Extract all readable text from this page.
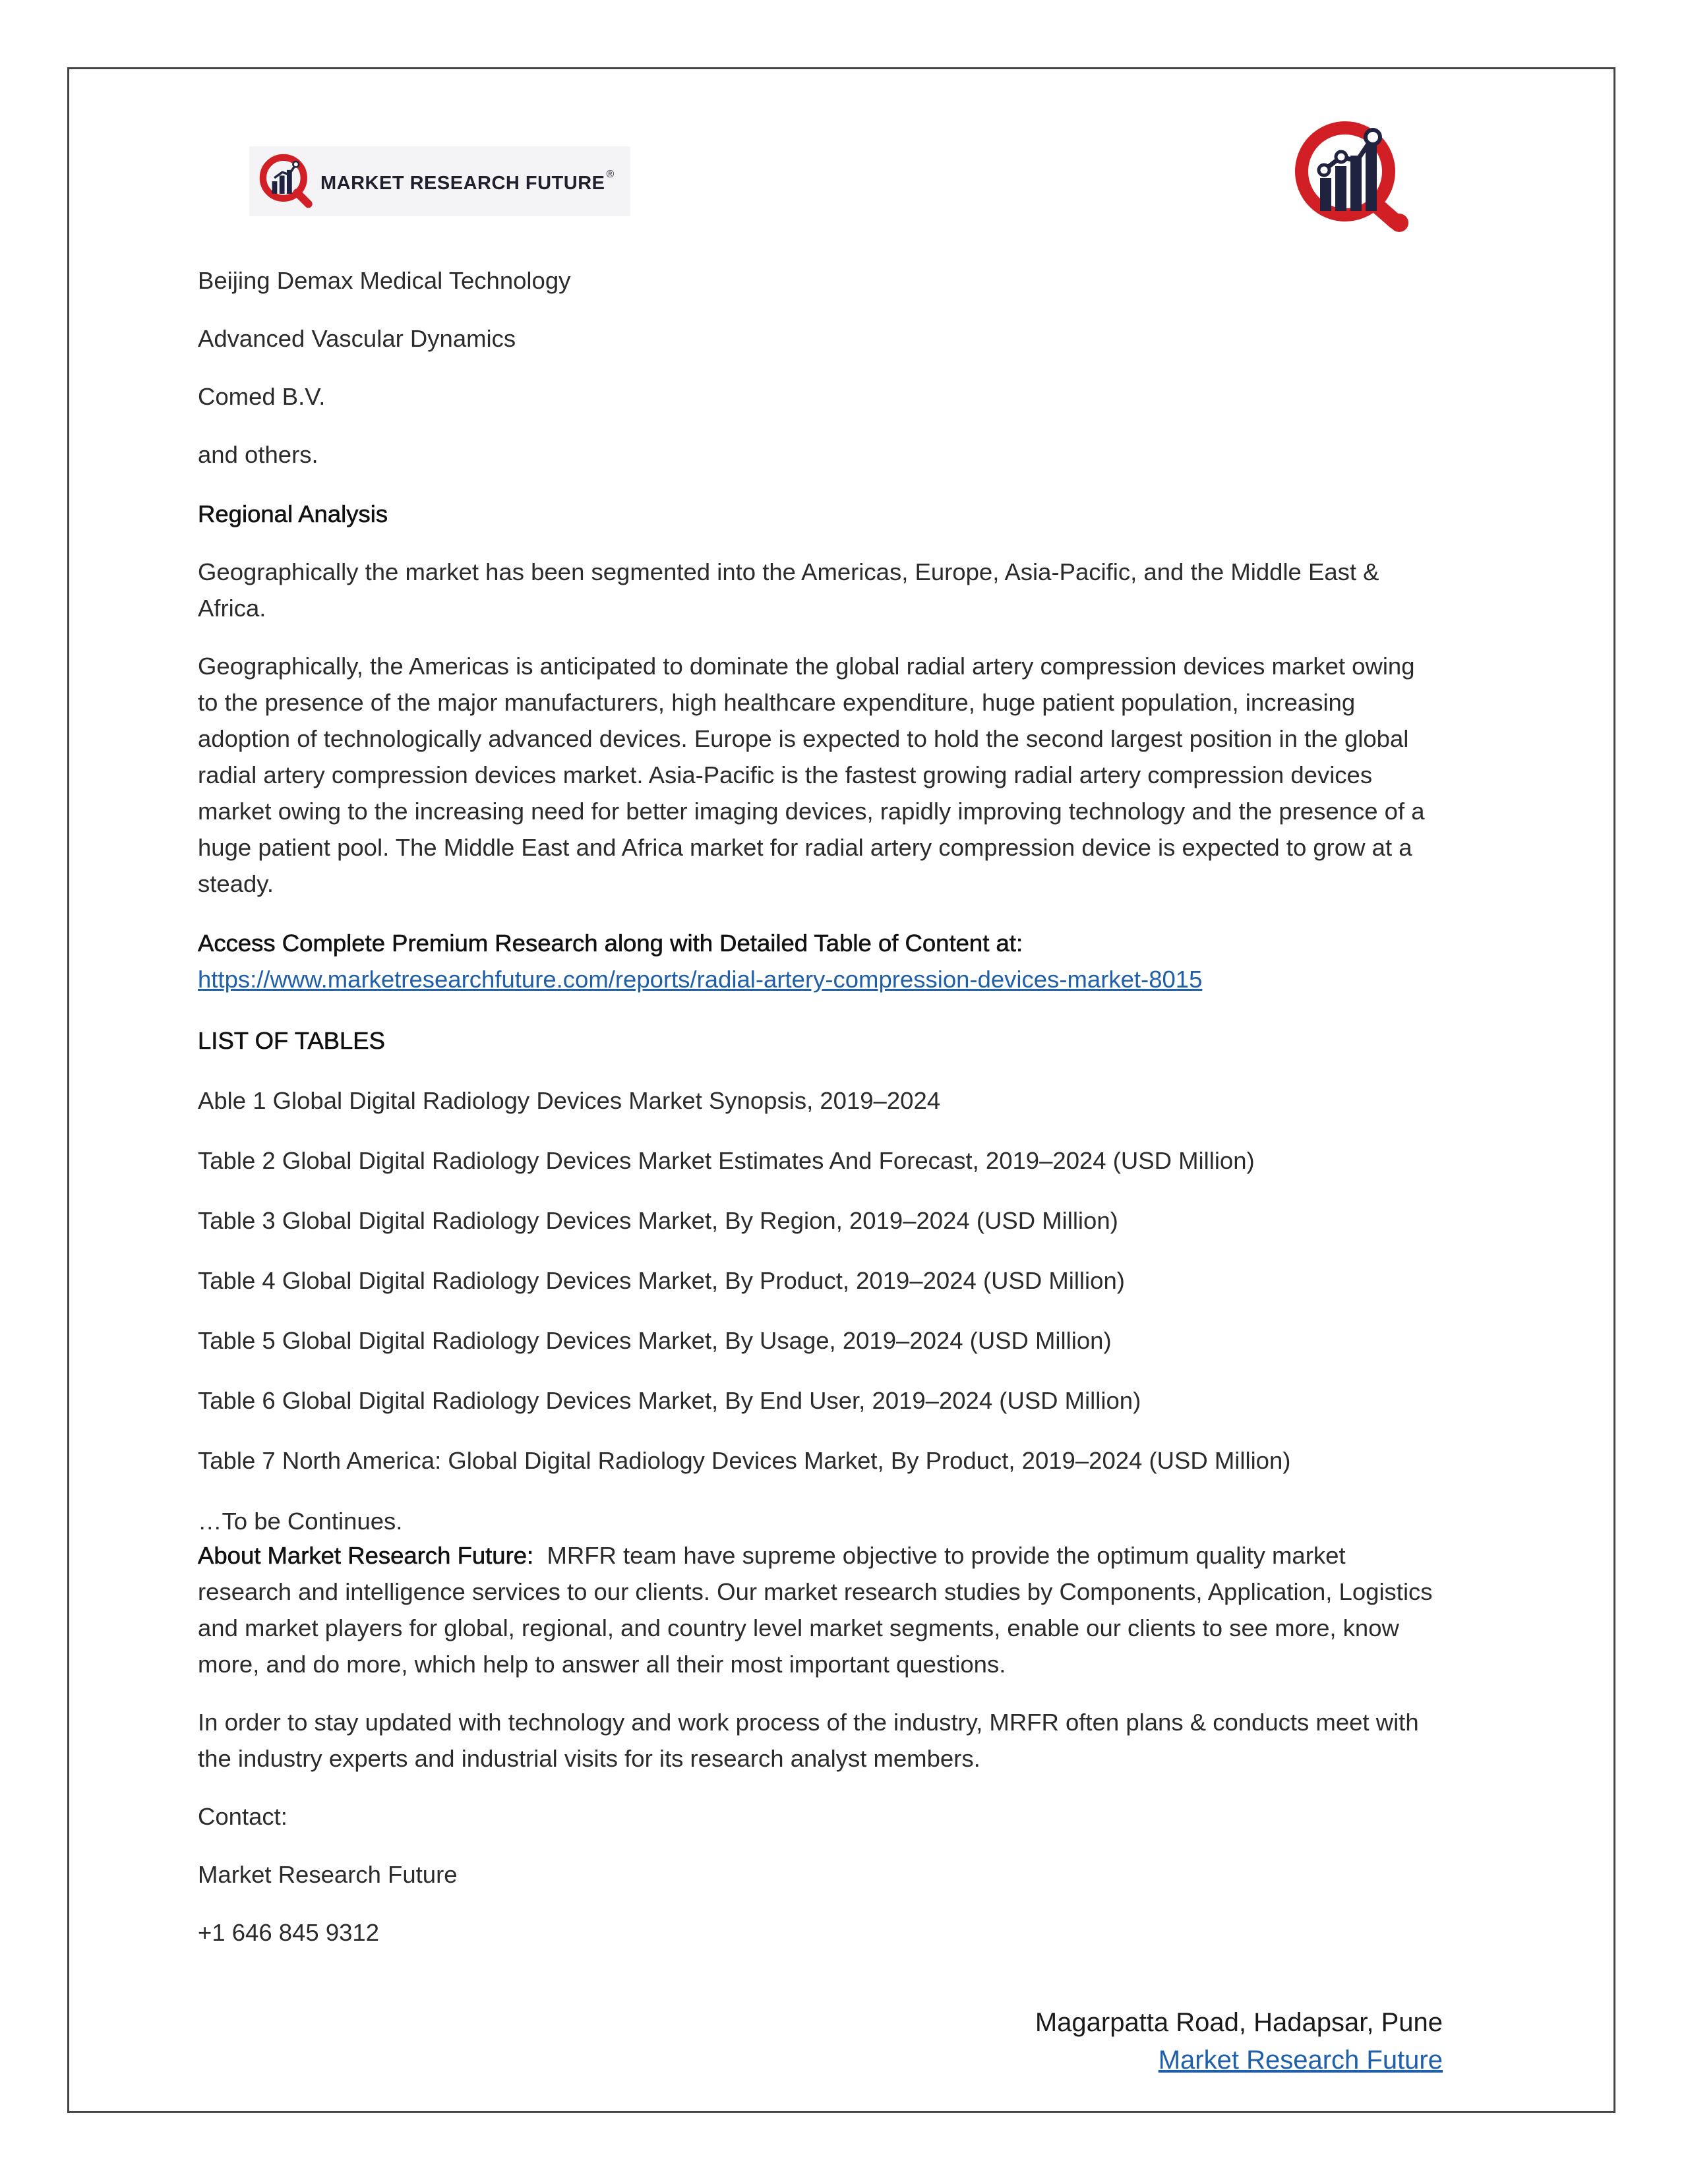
MARKET RESEARCH FUTURE ®
Beijing Demax Medical Technology
Advanced Vascular Dynamics
Comed B.V.
and others.
Regional Analysis
Geographically the market has been segmented into the Americas, Europe, Asia-Pacific, and the Middle East &
Africa.
Geographically, the Americas is anticipated to dominate the global radial artery compression devices market owing
to the presence of the major manufacturers, high healthcare expenditure, huge patient population, increasing
adoption of technologically advanced devices. Europe is expected to hold the second largest position in the global
radial artery compression devices market. Asia-Pacific is the fastest growing radial artery compression devices
market owing to the increasing need for better imaging devices, rapidly improving technology and the presence of a
huge patient pool. The Middle East and Africa market for radial artery compression device is expected to grow at a
steady.
Access Complete Premium Research along with Detailed Table of Content at:
https://www.marketresearchfuture.com/reports/radial-artery-compression-devices-market-8015
LIST OF TABLES
Able 1 Global Digital Radiology Devices Market Synopsis, 2019–2024
Table 2 Global Digital Radiology Devices Market Estimates And Forecast, 2019–2024 (USD Million)
Table 3 Global Digital Radiology Devices Market, By Region, 2019–2024 (USD Million)
Table 4 Global Digital Radiology Devices Market, By Product, 2019–2024 (USD Million)
Table 5 Global Digital Radiology Devices Market, By Usage, 2019–2024 (USD Million)
Table 6 Global Digital Radiology Devices Market, By End User, 2019–2024 (USD Million)
Table 7 North America: Global Digital Radiology Devices Market, By Product, 2019–2024 (USD Million)
…To be Continues.
About Market Research Future:  MRFR team have supreme objective to provide the optimum quality market
research and intelligence services to our clients. Our market research studies by Components, Application, Logistics
and market players for global, regional, and country level market segments, enable our clients to see more, know
more, and do more, which help to answer all their most important questions.
In order to stay updated with technology and work process of the industry, MRFR often plans & conducts meet with
the industry experts and industrial visits for its research analyst members.
Contact:
Market Research Future
+1 646 845 9312
Magarpatta Road, Hadapsar, Pune
Market Research Future
